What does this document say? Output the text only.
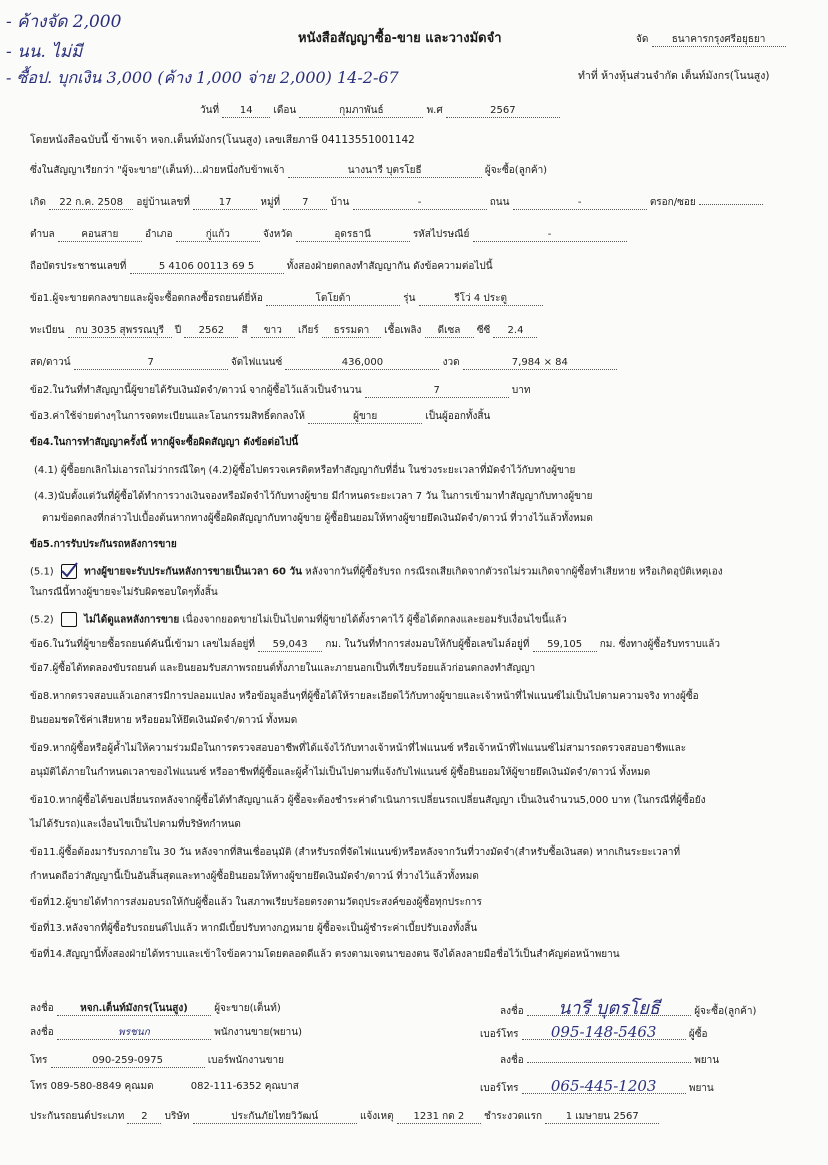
- ค้างจัด 2,000
- นน. ไม่มี
- ซื้อป. บุกเงิน 3,000 (ค้าง 1,000 จ่าย 2,000) 14-2-67
หนังสือสัญญาซื้อ-ขาย และวางมัดจำ	จัด ธนาคารกรุงศรีอยุธยา
ทำที่ ห้างหุ้นส่วนจำกัด เต็นท์มังกร(โนนสูง)
วันที่ 14 เดือน	กุมภาพันธ์	พ.ศ	2567
โดยหนังสือฉบับนี้ ข้าพเจ้า หจก.เต็นท์มังกร(โนนสูง) เลขเสียภาษี 04113551001142
ซึ่งในสัญญาเรียกว่า "ผู้จะขาย"(เต็นท์)...ฝ่ายหนึ่งกับข้าพเจ้า	นางนารี บุตรโยธี	ผู้จะซื้อ(ลูกค้า)
เกิด 22 ก.ค. 2508 อยู่บ้านเลขที่	17	หมู่ที่ 7 บ้าน	-	ถนน	-	ตรอก/ซอย
ตำบล	คอนสาย	อำเภอ	กู่แก้ว	จังหวัด	อุดรธานี	รหัสไปรษณีย์	-
ถือบัตรประชาชนเลขที่	5 4106 00113 69 5	ทั้งสองฝ่ายตกลงทำสัญญากัน ดังข้อความต่อไปนี้
ข้อ1.ผู้จะขายตกลงขายและผู้จะซื้อตกลงซื้อรถยนต์ยี่ห้อ	โตโยต้า	รุ่น	รีโว่ 4 ประตู
ทะเบียน กบ 3035 สุพรรณบุรี ปี 2562 สี ขาว เกียร์ ธรรมดา เชื้อเพลิง ดีเซล ซีซี 2.4
สด/ดาวน์	7	จัดไฟแนนซ์	436,000	งวด	7,984 × 84
ข้อ2.ในวันที่ทำสัญญานี้ผู้ขายได้รับเงินมัดจำ/ดาวน์ จากผู้ซื้อไว้แล้วเป็นจำนวน	7	บาท
ข้อ3.ค่าใช้จ่ายต่างๆในการจดทะเบียนและโอนกรรมสิทธิ์ตกลงให้	ผู้ขาย	เป็นผู้ออกทั้งสิ้น
ข้อ4.ในการทำสัญญาครั้งนี้ หากผู้จะซื้อผิดสัญญา ดังข้อต่อไปนี้
(4.1) ผู้ซื้อยกเลิกไม่เอารถไม่ว่ากรณีใดๆ (4.2)ผู้ซื้อไปตรวจเครดิตหรือทำสัญญากับที่อื่น ในช่วงระยะเวลาที่มัดจำไว้กับทางผู้ขาย
(4.3)นับตั้งแต่วันที่ผู้ซื้อได้ทำการวางเงินจองหรือมัดจำไว้กับทางผู้ขาย มีกำหนดระยะเวลา 7 วัน ในการเข้ามาทำสัญญากับทางผู้ขาย
ตามข้อตกลงที่กล่าวไปเบื้องต้นหากทางผู้ซื้อผิดสัญญากับทางผู้ขาย ผู้ซื้อยินยอมให้ทางผู้ขายยึดเงินมัดจำ/ดาวน์ ที่วางไว้แล้วทั้งหมด
ข้อ5.การรับประกันรถหลังการขาย
(5.1)	ทางผู้ขายจะรับประกันหลังการขายเป็นเวลา 60 วัน หลังจากวันที่ผู้ซื้อรับรถ กรณีรถเสียเกิดจากตัวรถไม่รวมเกิดจากผู้ซื้อทำเสียหาย หรือเกิดอุบัติเหตุเอง
ในกรณีนี้ทางผู้ขายจะไม่รับผิดชอบใดๆทั้งสิ้น
(5.2)	ไม่ได้ดูแลหลังการขาย เนื่องจากยอดขายไม่เป็นไปตามที่ผู้ขายได้ตั้งราคาไว้ ผู้ซื้อได้ตกลงและยอมรับเงื่อนไขนี้แล้ว
ข้อ6.ในวันที่ผู้ขายซื้อรถยนต์คันนี้เข้ามา เลขไมล์อยู่ที่ 59,043 กม. ในวันที่ทำการส่งมอบให้กับผู้ซื้อเลขไมล์อยู่ที่ 59,105 กม. ซึ่งทางผู้ซื้อรับทราบแล้ว
ข้อ7.ผู้ซื้อได้ทดลองขับรถยนต์ และยินยอมรับสภาพรถยนต์ทั้งภายในและภายนอกเป็นที่เรียบร้อยแล้วก่อนตกลงทำสัญญา
ข้อ8.หากตรวจสอบแล้วเอกสารมีการปลอมแปลง หรือข้อมูลอื่นๆที่ผู้ซื้อได้ให้รายละเอียดไว้กับทางผู้ขายและเจ้าหน้าที่ไฟแนนซ์ไม่เป็นไปตามความจริง ทางผู้ซื้อ
ยินยอมชดใช้ค่าเสียหาย หรือยอมให้ยึดเงินมัดจำ/ดาวน์ ทั้งหมด
ข้อ9.หากผู้ซื้อหรือผู้ค้ำไม่ให้ความร่วมมือในการตรวจสอบอาชีพที่ได้แจ้งไว้กับทางเจ้าหน้าที่ไฟแนนซ์ หรือเจ้าหน้าที่ไฟแนนซ์ไม่สามารถตรวจสอบอาชีพและ
อนุมัติได้ภายในกำหนดเวลาของไฟแนนซ์ หรืออาชีพที่ผู้ซื้อและผู้ค้ำไม่เป็นไปตามที่แจ้งกับไฟแนนซ์ ผู้ซื้อยินยอมให้ผู้ขายยึดเงินมัดจำ/ดาวน์ ทั้งหมด
ข้อ10.หากผู้ซื้อได้ขอเปลี่ยนรถหลังจากผู้ซื้อได้ทำสัญญาแล้ว ผู้ซื้อจะต้องชำระค่าดำเนินการเปลี่ยนรถเปลี่ยนสัญญา เป็นเงินจำนวน5,000 บาท (ในกรณีที่ผู้ซื้อยัง
ไม่ได้รับรถ)และเงื่อนไขเป็นไปตามที่บริษัทกำหนด
ข้อ11.ผู้ซื้อต้องมารับรถภายใน 30 วัน หลังจากที่สินเชื่ออนุมัติ (สำหรับรถที่จัดไฟแนนซ์)หรือหลังจากวันที่วางมัดจำ(สำหรับซื้อเงินสด) หากเกินระยะเวลาที่
กำหนดถือว่าสัญญานี้เป็นอันสิ้นสุดและทางผู้ซื้อยินยอมให้ทางผู้ขายยึดเงินมัดจำ/ดาวน์ ที่วางไว้แล้วทั้งหมด
ข้อที่12.ผู้ขายได้ทำการส่งมอบรถให้กับผู้ซื้อแล้ว ในสภาพเรียบร้อยตรงตามวัตถุประสงค์ของผู้ซื้อทุกประการ
ข้อที่13.หลังจากที่ผู้ซื้อรับรถยนต์ไปแล้ว หากมีเบี้ยปรับทางกฎหมาย ผู้ซื้อจะเป็นผู้ชำระค่าเบี้ยปรับเองทั้งสิ้น
ข้อที่14.สัญญานี้ทั้งสองฝ่ายได้ทราบและเข้าใจข้อความโดยตลอดดีแล้ว ตรงตามเจตนาของตน จึงได้ลงลายมือชื่อไว้เป็นสำคัญต่อหน้าพยาน
ลงชื่อ	หจก.เต็นท์มังกร(โนนสูง)	ผู้จะขาย(เต็นท์)
ลงชื่อ	พรชนก	พนักงานขาย(พยาน)
โทร	090-259-0975	เบอร์พนักงานขาย
โทร 089-580-8849 คุณมด	082-111-6352 คุณบาส
ลงชื่อ นารี บุตรโยธี	ผู้จะซื้อ(ลูกค้า)
เบอร์โทร 095-148-5463	ผู้ซื้อ
ลงชื่อ	พยาน
เบอร์โทร 065-445-1203	พยาน
ประกันรถยนต์ประเภท 2 บริษัท	ประกันภัยไทยวิวัฒน์	แจ้งเหตุ 1231 กด 2 ชำระงวดแรก 1 เมษายน 2567
